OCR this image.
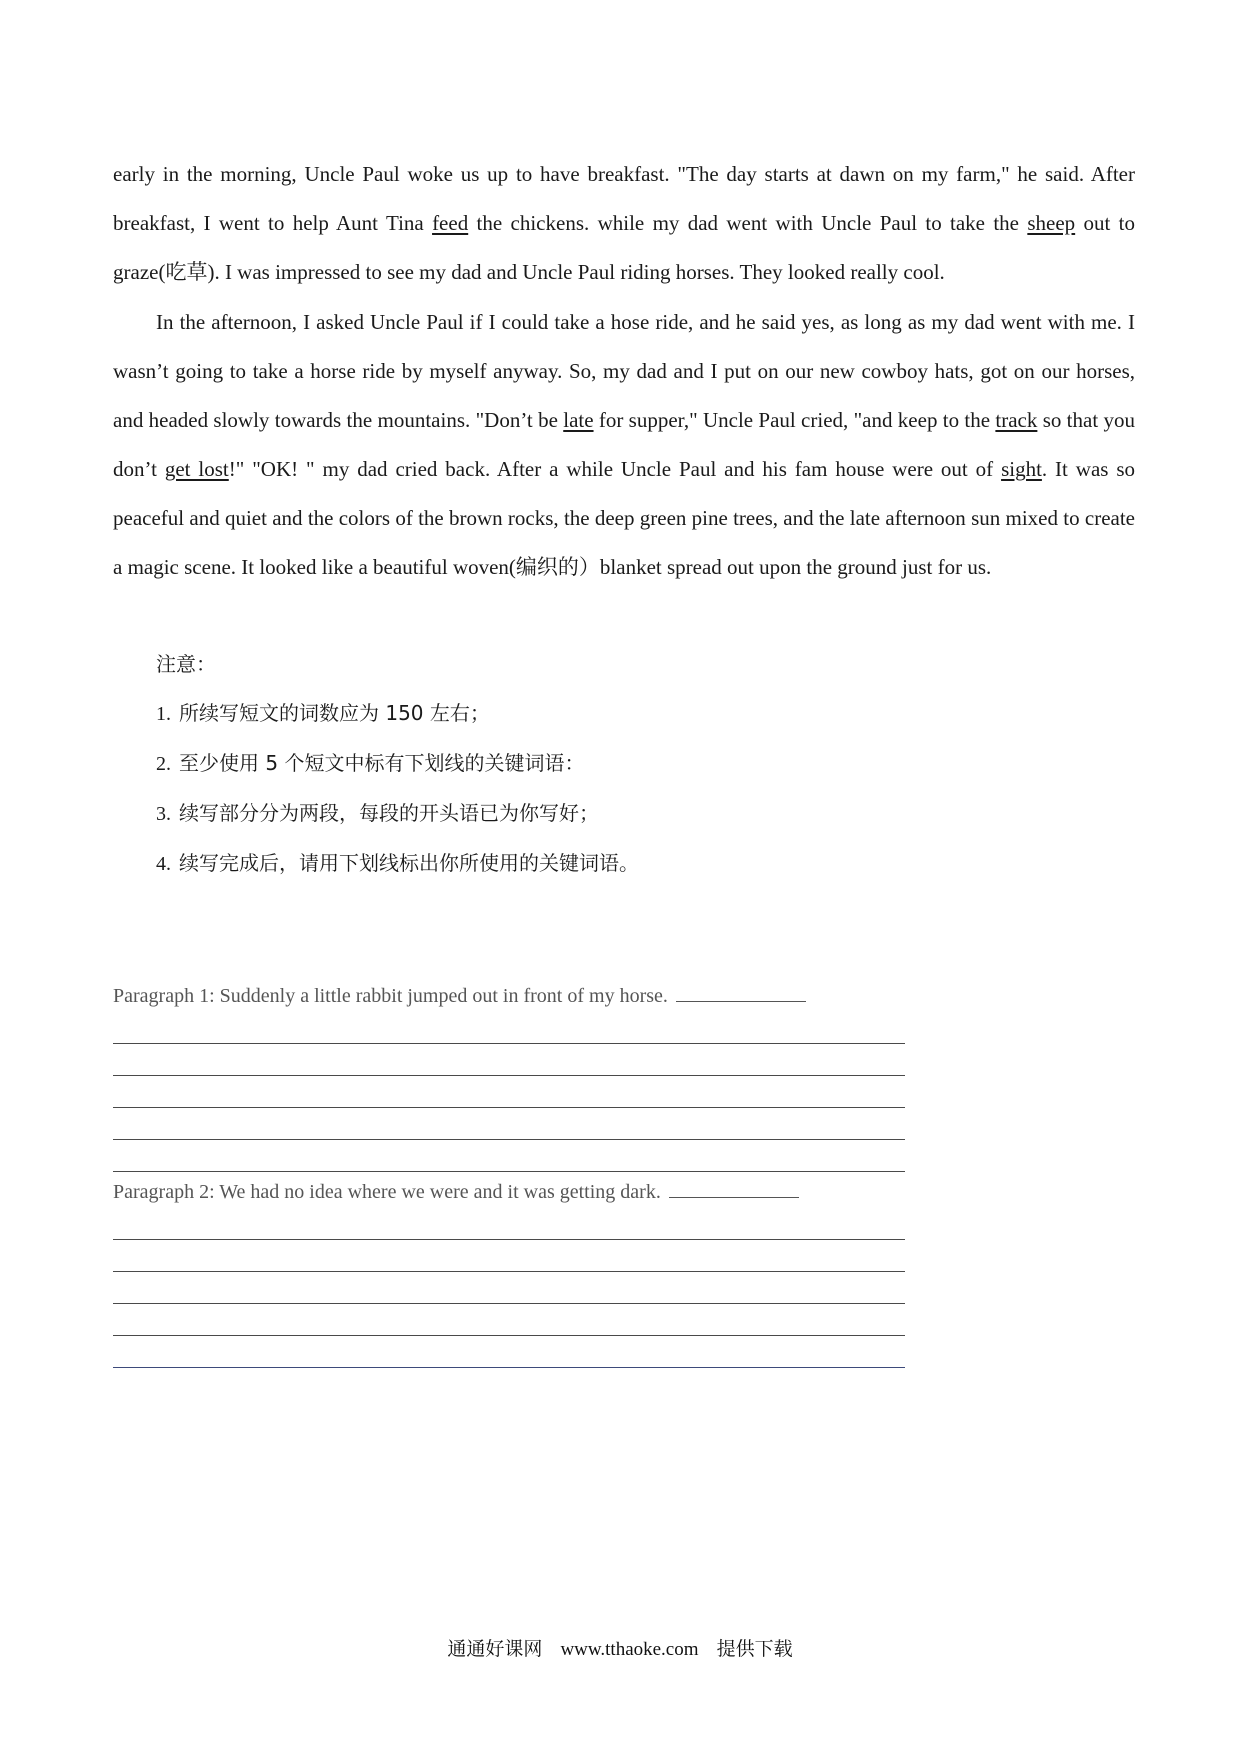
early in the morning, Uncle Paul woke us up to have breakfast. "The day starts at dawn on my farm," he said. After breakfast, I went to help Aunt Tina feed the chickens. while my dad went with Uncle Paul to take the sheep out to graze(吃草). I was impressed to see my dad and Uncle Paul riding horses. They looked really cool.

In the afternoon, I asked Uncle Paul if I could take a hose ride, and he said yes, as long as my dad went with me. I wasn’t going to take a horse ride by myself anyway. So, my dad and I put on our new cowboy hats, got on our horses, and headed slowly towards the mountains. "Don’t be late for supper," Uncle Paul cried, "and keep to the track so that you don’t get lost!" "OK! " my dad cried back. After a while Uncle Paul and his fam house were out of sight. It was so peaceful and quiet and the colors of the brown rocks, the deep green pine trees, and the late afternoon sun mixed to create a magic scene. It looked like a beautiful woven(编织的）blanket spread out upon the ground just for us.

注意：
1. 所续写短文的词数应为 150 左右；
2. 至少使用 5 个短文中标有下划线的关键词语：
3. 续写部分分为两段，每段的开头语已为你写好；
4. 续写完成后，请用下划线标出你所使用的关键词语。
Paragraph 1: Suddenly a little rabbit jumped out in front of my horse.
Paragraph 2: We had no idea where we were and it was getting dark.
通通好课网 www.tthaoke.com 提供下载
